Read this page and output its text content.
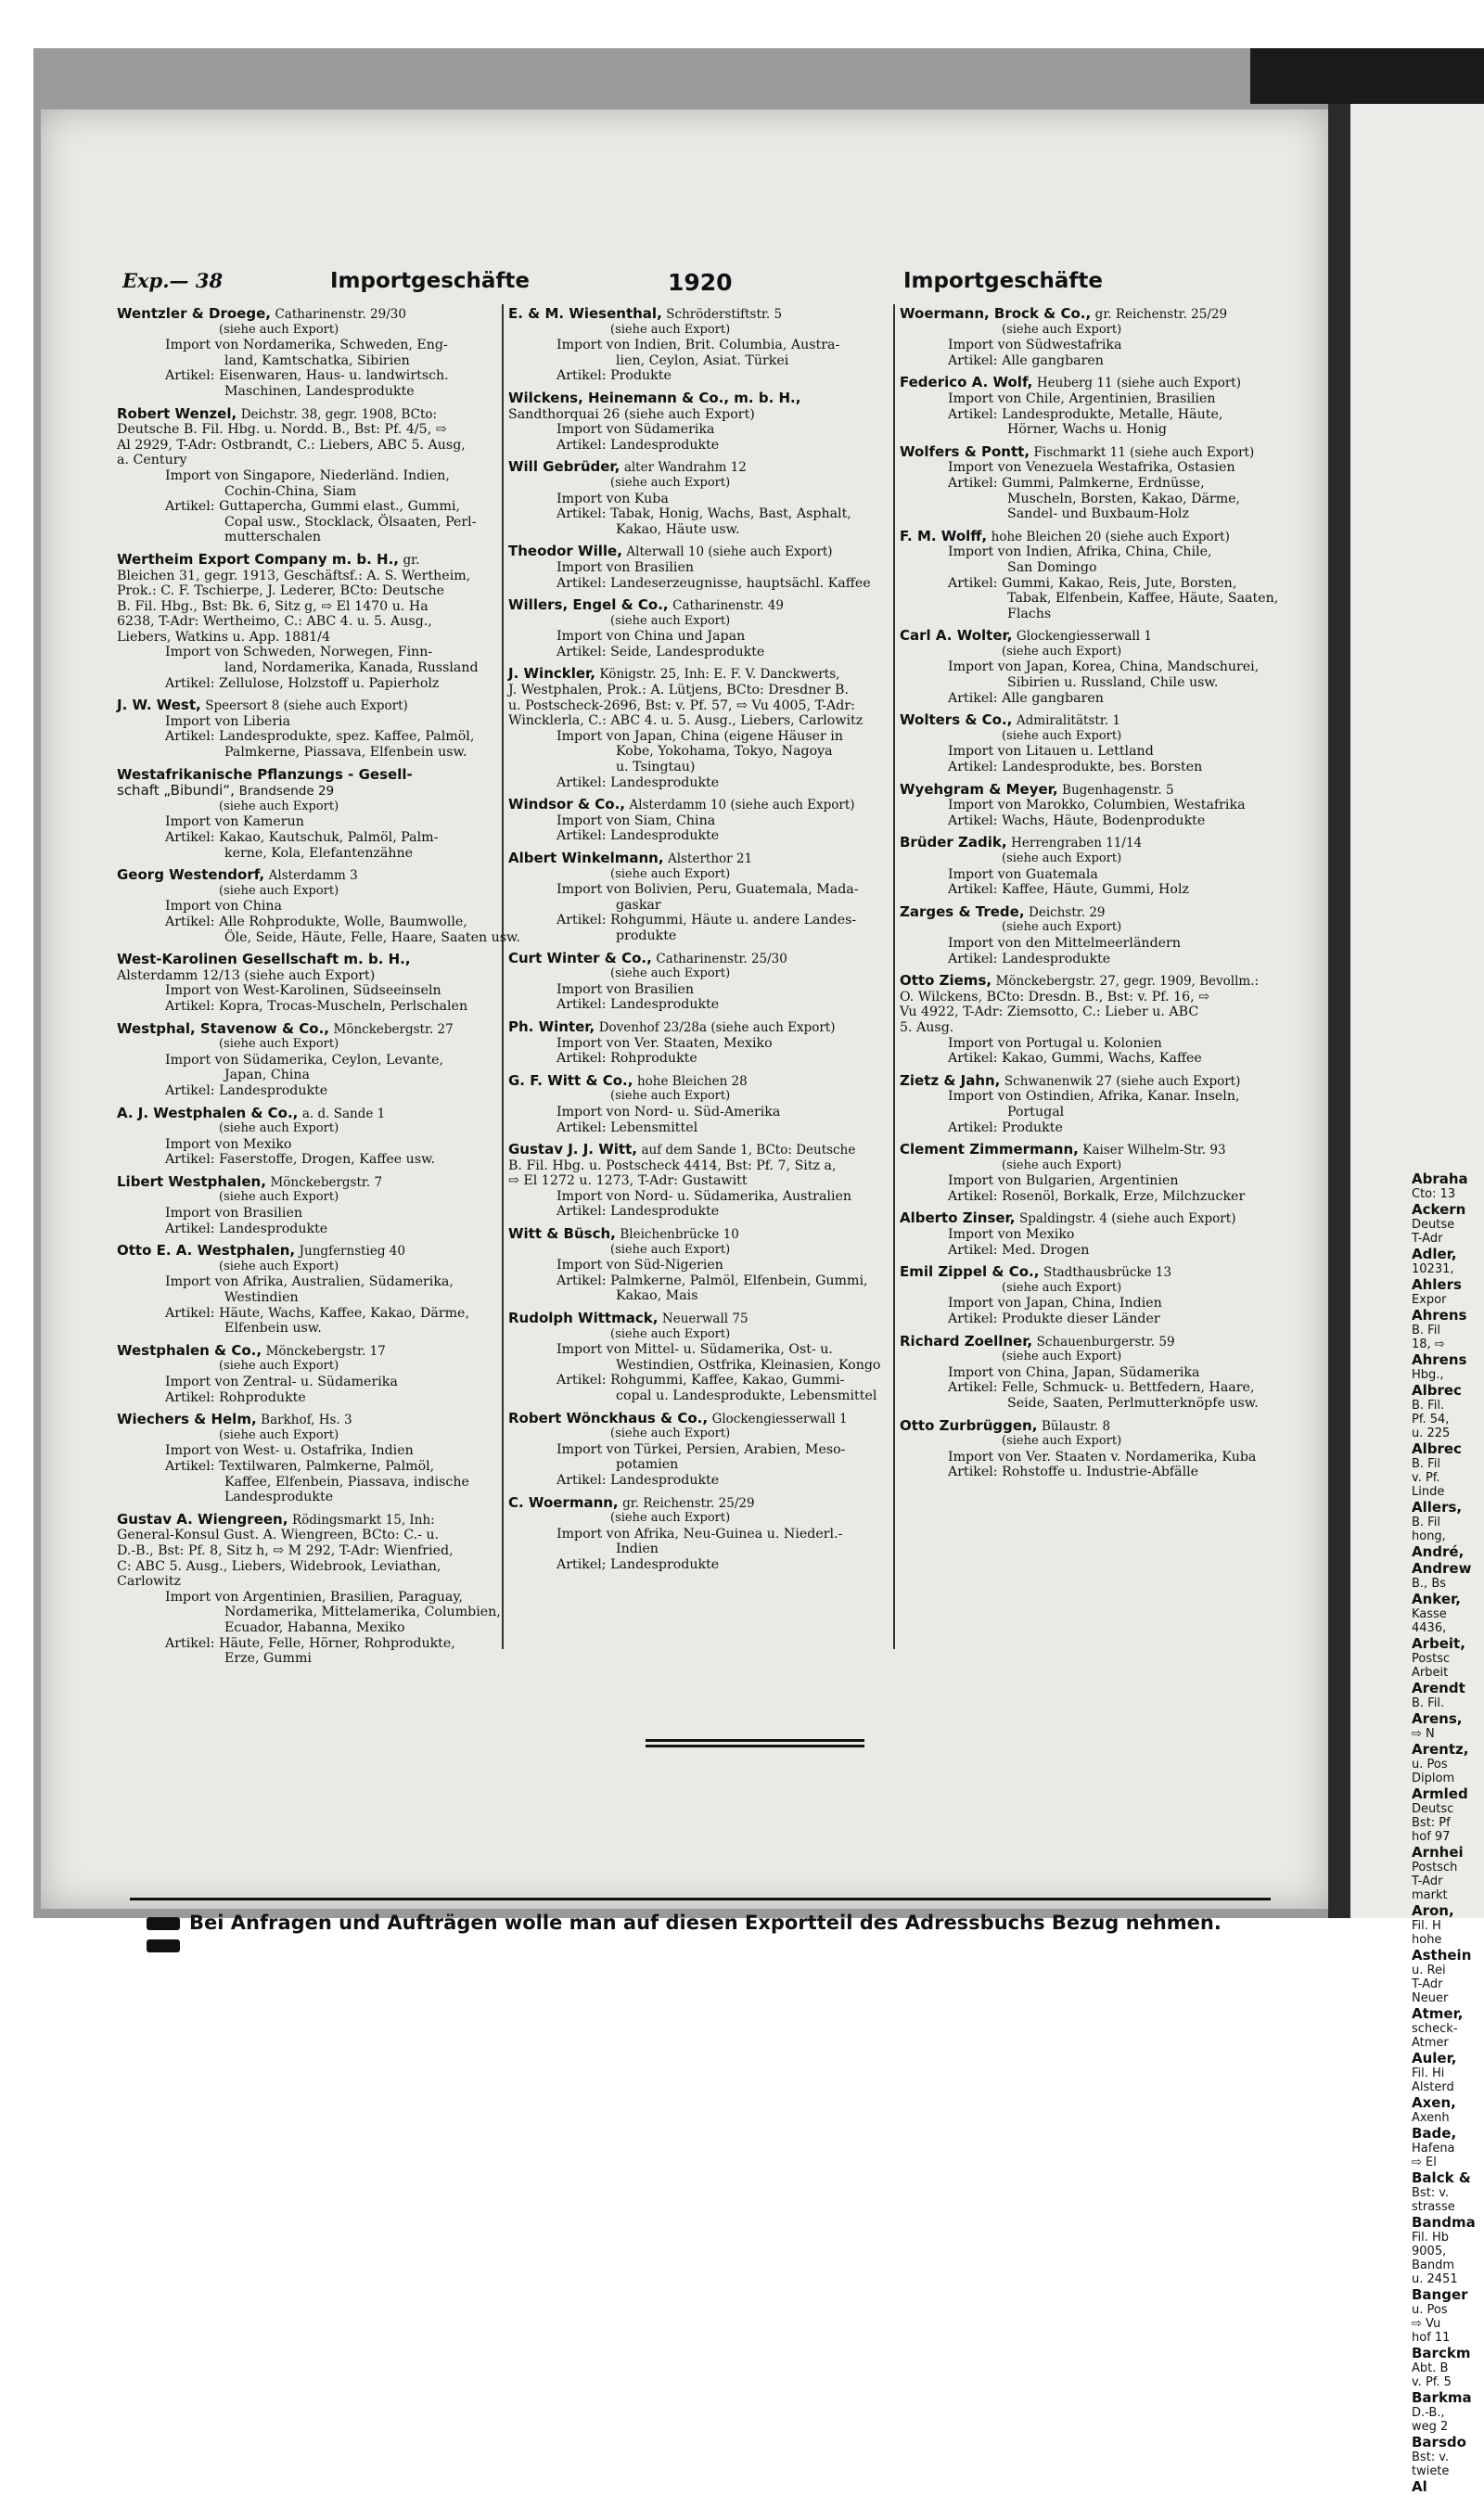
Exp.— 38	Importgeschäfte	1920	Importgeschäfte
Wentzler & Droege, Catharinenstr. 29/30
(siehe auch Export)
Import von Nordamerika, Schweden, Eng-
land, Kamtschatka, Sibirien
Artikel: Eisenwaren, Haus- u. landwirtsch.
Maschinen, Landesprodukte
Robert Wenzel, Deichstr. 38, gegr. 1908, BCto:
Deutsche B. Fil. Hbg. u. Nordd. B., Bst: Pf. 4/5, ⇨
Al 2929, T-Adr: Ostbrandt, C.: Liebers, ABC 5. Ausg,
a. Century
Import von Singapore, Niederländ. Indien,
Cochin-China, Siam
Artikel: Guttapercha, Gummi elast., Gummi,
Copal usw., Stocklack, Ölsaaten, Perl-
mutterschalen
Wertheim Export Company m. b. H., gr.
Bleichen 31, gegr. 1913, Geschäftsf.: A. S. Wertheim,
Prok.: C. F. Tschierpe, J. Lederer, BCto: Deutsche
B. Fil. Hbg., Bst: Bk. 6, Sitz g, ⇨ El 1470 u. Ha
6238, T-Adr: Wertheimo, C.: ABC 4. u. 5. Ausg.,
Liebers, Watkins u. App. 1881/4
Import von Schweden, Norwegen, Finn-
land, Nordamerika, Kanada, Russland
Artikel: Zellulose, Holzstoff u. Papierholz
J. W. West, Speersort 8 (siehe auch Export)
Import von Liberia
Artikel: Landesprodukte, spez. Kaffee, Palmöl,
Palmkerne, Piassava, Elfenbein usw.
Westafrikanische Pflanzungs - Gesell-
schaft „Bibundi“, Brandsende 29
(siehe auch Export)
Import von Kamerun
Artikel: Kakao, Kautschuk, Palmöl, Palm-
kerne, Kola, Elefantenzähne
Georg Westendorf, Alsterdamm 3
(siehe auch Export)
Import von China
Artikel: Alle Rohprodukte, Wolle, Baumwolle,
Öle, Seide, Häute, Felle, Haare, Saaten usw.
West-Karolinen Gesellschaft m. b. H.,
Alsterdamm 12/13 (siehe auch Export)
Import von West-Karolinen, Südseeinseln
Artikel: Kopra, Trocas-Muscheln, Perlschalen
Westphal, Stavenow & Co., Mönckebergstr. 27
(siehe auch Export)
Import von Südamerika, Ceylon, Levante,
Japan, China
Artikel: Landesprodukte
A. J. Westphalen & Co., a. d. Sande 1
(siehe auch Export)
Import von Mexiko
Artikel: Faserstoffe, Drogen, Kaffee usw.
Libert Westphalen, Mönckebergstr. 7
(siehe auch Export)
Import von Brasilien
Artikel: Landesprodukte
Otto E. A. Westphalen, Jungfernstieg 40
(siehe auch Export)
Import von Afrika, Australien, Südamerika,
Westindien
Artikel: Häute, Wachs, Kaffee, Kakao, Därme,
Elfenbein usw.
Westphalen & Co., Mönckebergstr. 17
(siehe auch Export)
Import von Zentral- u. Südamerika
Artikel: Rohprodukte
Wiechers & Helm, Barkhof, Hs. 3
(siehe auch Export)
Import von West- u. Ostafrika, Indien
Artikel: Textilwaren, Palmkerne, Palmöl,
Kaffee, Elfenbein, Piassava, indische
Landesprodukte
Gustav A. Wiengreen, Rödingsmarkt 15, Inh:
General-Konsul Gust. A. Wiengreen, BCto: C.- u.
D.-B., Bst: Pf. 8, Sitz h, ⇨ M 292, T-Adr: Wienfried,
C: ABC 5. Ausg., Liebers, Widebrook, Leviathan,
Carlowitz
Import von Argentinien, Brasilien, Paraguay,
Nordamerika, Mittelamerika, Columbien,
Ecuador, Habanna, Mexiko
Artikel: Häute, Felle, Hörner, Rohprodukte,
Erze, Gummi
E. & M. Wiesenthal, Schröderstiftstr. 5
(siehe auch Export)
Import von Indien, Brit. Columbia, Austra-
lien, Ceylon, Asiat. Türkei
Artikel: Produkte
Wilckens, Heinemann & Co., m. b. H.,
Sandthorquai 26 (siehe auch Export)
Import von Südamerika
Artikel: Landesprodukte
Will Gebrüder, alter Wandrahm 12
(siehe auch Export)
Import von Kuba
Artikel: Tabak, Honig, Wachs, Bast, Asphalt,
Kakao, Häute usw.
Theodor Wille, Alterwall 10 (siehe auch Export)
Import von Brasilien
Artikel: Landeserzeugnisse, hauptsächl. Kaffee
Willers, Engel & Co., Catharinenstr. 49
(siehe auch Export)
Import von China und Japan
Artikel: Seide, Landesprodukte
J. Winckler, Königstr. 25, Inh: E. F. V. Danckwerts,
J. Westphalen, Prok.: A. Lütjens, BCto: Dresdner B.
u. Postscheck-2696, Bst: v. Pf. 57, ⇨ Vu 4005, T-Adr:
Wincklerla, C.: ABC 4. u. 5. Ausg., Liebers, Carlowitz
Import von Japan, China (eigene Häuser in
Kobe, Yokohama, Tokyo, Nagoya
u. Tsingtau)
Artikel: Landesprodukte
Windsor & Co., Alsterdamm 10 (siehe auch Export)
Import von Siam, China
Artikel: Landesprodukte
Albert Winkelmann, Alsterthor 21
(siehe auch Export)
Import von Bolivien, Peru, Guatemala, Mada-
gaskar
Artikel: Rohgummi, Häute u. andere Landes-
produkte
Curt Winter & Co., Catharinenstr. 25/30
(siehe auch Export)
Import von Brasilien
Artikel: Landesprodukte
Ph. Winter, Dovenhof 23/28a (siehe auch Export)
Import von Ver. Staaten, Mexiko
Artikel: Rohprodukte
G. F. Witt & Co., hohe Bleichen 28
(siehe auch Export)
Import von Nord- u. Süd-Amerika
Artikel: Lebensmittel
Gustav J. J. Witt, auf dem Sande 1, BCto: Deutsche
B. Fil. Hbg. u. Postscheck 4414, Bst: Pf. 7, Sitz a,
⇨ El 1272 u. 1273, T-Adr: Gustawitt
Import von Nord- u. Südamerika, Australien
Artikel: Landesprodukte
Witt & Büsch, Bleichenbrücke 10
(siehe auch Export)
Import von Süd-Nigerien
Artikel: Palmkerne, Palmöl, Elfenbein, Gummi,
Kakao, Mais
Rudolph Wittmack, Neuerwall 75
(siehe auch Export)
Import von Mittel- u. Südamerika, Ost- u.
Westindien, Ostfrika, Kleinasien, Kongo
Artikel: Rohgummi, Kaffee, Kakao, Gummi-
copal u. Landesprodukte, Lebensmittel
Robert Wönckhaus & Co., Glockengiesserwall 1
(siehe auch Export)
Import von Türkei, Persien, Arabien, Meso-
potamien
Artikel: Landesprodukte
C. Woermann, gr. Reichenstr. 25/29
(siehe auch Export)
Import von Afrika, Neu-Guinea u. Niederl.-
Indien
Artikel; Landesprodukte
Woermann, Brock & Co., gr. Reichenstr. 25/29
(siehe auch Export)
Import von Südwestafrika
Artikel: Alle gangbaren
Federico A. Wolf, Heuberg 11 (siehe auch Export)
Import von Chile, Argentinien, Brasilien
Artikel: Landesprodukte, Metalle, Häute,
Hörner, Wachs u. Honig
Wolfers & Pontt, Fischmarkt 11 (siehe auch Export)
Import von Venezuela Westafrika, Ostasien
Artikel: Gummi, Palmkerne, Erdnüsse,
Muscheln, Borsten, Kakao, Därme,
Sandel- und Buxbaum-Holz
F. M. Wolff, hohe Bleichen 20 (siehe auch Export)
Import von Indien, Afrika, China, Chile,
San Domingo
Artikel: Gummi, Kakao, Reis, Jute, Borsten,
Tabak, Elfenbein, Kaffee, Häute, Saaten,
Flachs
Carl A. Wolter, Glockengiesserwall 1
(siehe auch Export)
Import von Japan, Korea, China, Mandschurei,
Sibirien u. Russland, Chile usw.
Artikel: Alle gangbaren
Wolters & Co., Admiralitätstr. 1
(siehe auch Export)
Import von Litauen u. Lettland
Artikel: Landesprodukte, bes. Borsten
Wyehgram & Meyer, Bugenhagenstr. 5
Import von Marokko, Columbien, Westafrika
Artikel: Wachs, Häute, Bodenprodukte
Brüder Zadik, Herrengraben 11/14
(siehe auch Export)
Import von Guatemala
Artikel: Kaffee, Häute, Gummi, Holz
Zarges & Trede, Deichstr. 29
(siehe auch Export)
Import von den Mittelmeerländern
Artikel: Landesprodukte
Otto Ziems, Mönckebergstr. 27, gegr. 1909, Bevollm.:
O. Wilckens, BCto: Dresdn. B., Bst: v. Pf. 16, ⇨
Vu 4922, T-Adr: Ziemsotto, C.: Lieber u. ABC
5. Ausg.
Import von Portugal u. Kolonien
Artikel: Kakao, Gummi, Wachs, Kaffee
Zietz & Jahn, Schwanenwik 27 (siehe auch Export)
Import von Ostindien, Afrika, Kanar. Inseln,
Portugal
Artikel: Produkte
Clement Zimmermann, Kaiser Wilhelm-Str. 93
(siehe auch Export)
Import von Bulgarien, Argentinien
Artikel: Rosenöl, Borkalk, Erze, Milchzucker
Alberto Zinser, Spaldingstr. 4 (siehe auch Export)
Import von Mexiko
Artikel: Med. Drogen
Emil Zippel & Co., Stadthausbrücke 13
(siehe auch Export)
Import von Japan, China, Indien
Artikel: Produkte dieser Länder
Richard Zoellner, Schauenburgerstr. 59
(siehe auch Export)
Import von China, Japan, Südamerika
Artikel: Felle, Schmuck- u. Bettfedern, Haare,
Seide, Saaten, Perlmutterknöpfe usw.
Otto Zurbrüggen, Bülaustr. 8
(siehe auch Export)
Import von Ver. Staaten v. Nordamerika, Kuba
Artikel: Rohstoffe u. Industrie-Abfälle
Bei Anfragen und Aufträgen wolle man auf diesen Exportteil des Adressbuchs Bezug nehmen.
Abraha
Cto: 13
Ackern
Deutse
T-Adr
Adler,
10231,
Ahlers
Expor
Ahrens
B. Fil
18, ⇨
Ahrens
Hbg.,
Albrec
B. Fil.
Pf. 54,
u. 225
Albrec
B. Fil
v. Pf.
Linde
Allers,
B. Fil
hong,
André,
Andrew
B., Bs
Anker,
Kasse
4436,
Arbeit,
Postsc
Arbeit
Arendt
B. Fil.
Arens,
⇨ N
Arentz,
u. Pos
Diplom
Armled
Deutsc
Bst: Pf
hof 97
Arnhei
Postsch
T-Adr
markt
Aron,
Fil. H
hohe
Asthein
u. Rei
T-Adr
Neuer
Atmer,
scheck-
Atmer
Auler,
Fil. Hi
Alsterd
Axen,
Axenh
Bade,
Hafena
⇨ El
Balck &
Bst: v.
strasse
Bandma
Fil. Hb
9005,
Bandm
u. 2451
Banger
u. Pos
⇨ Vu
hof 11
Barckm
Abt. B
v. Pf. 5
Barkma
D.-B.,
weg 2
Barsdo
Bst: v.
twiete
Al
